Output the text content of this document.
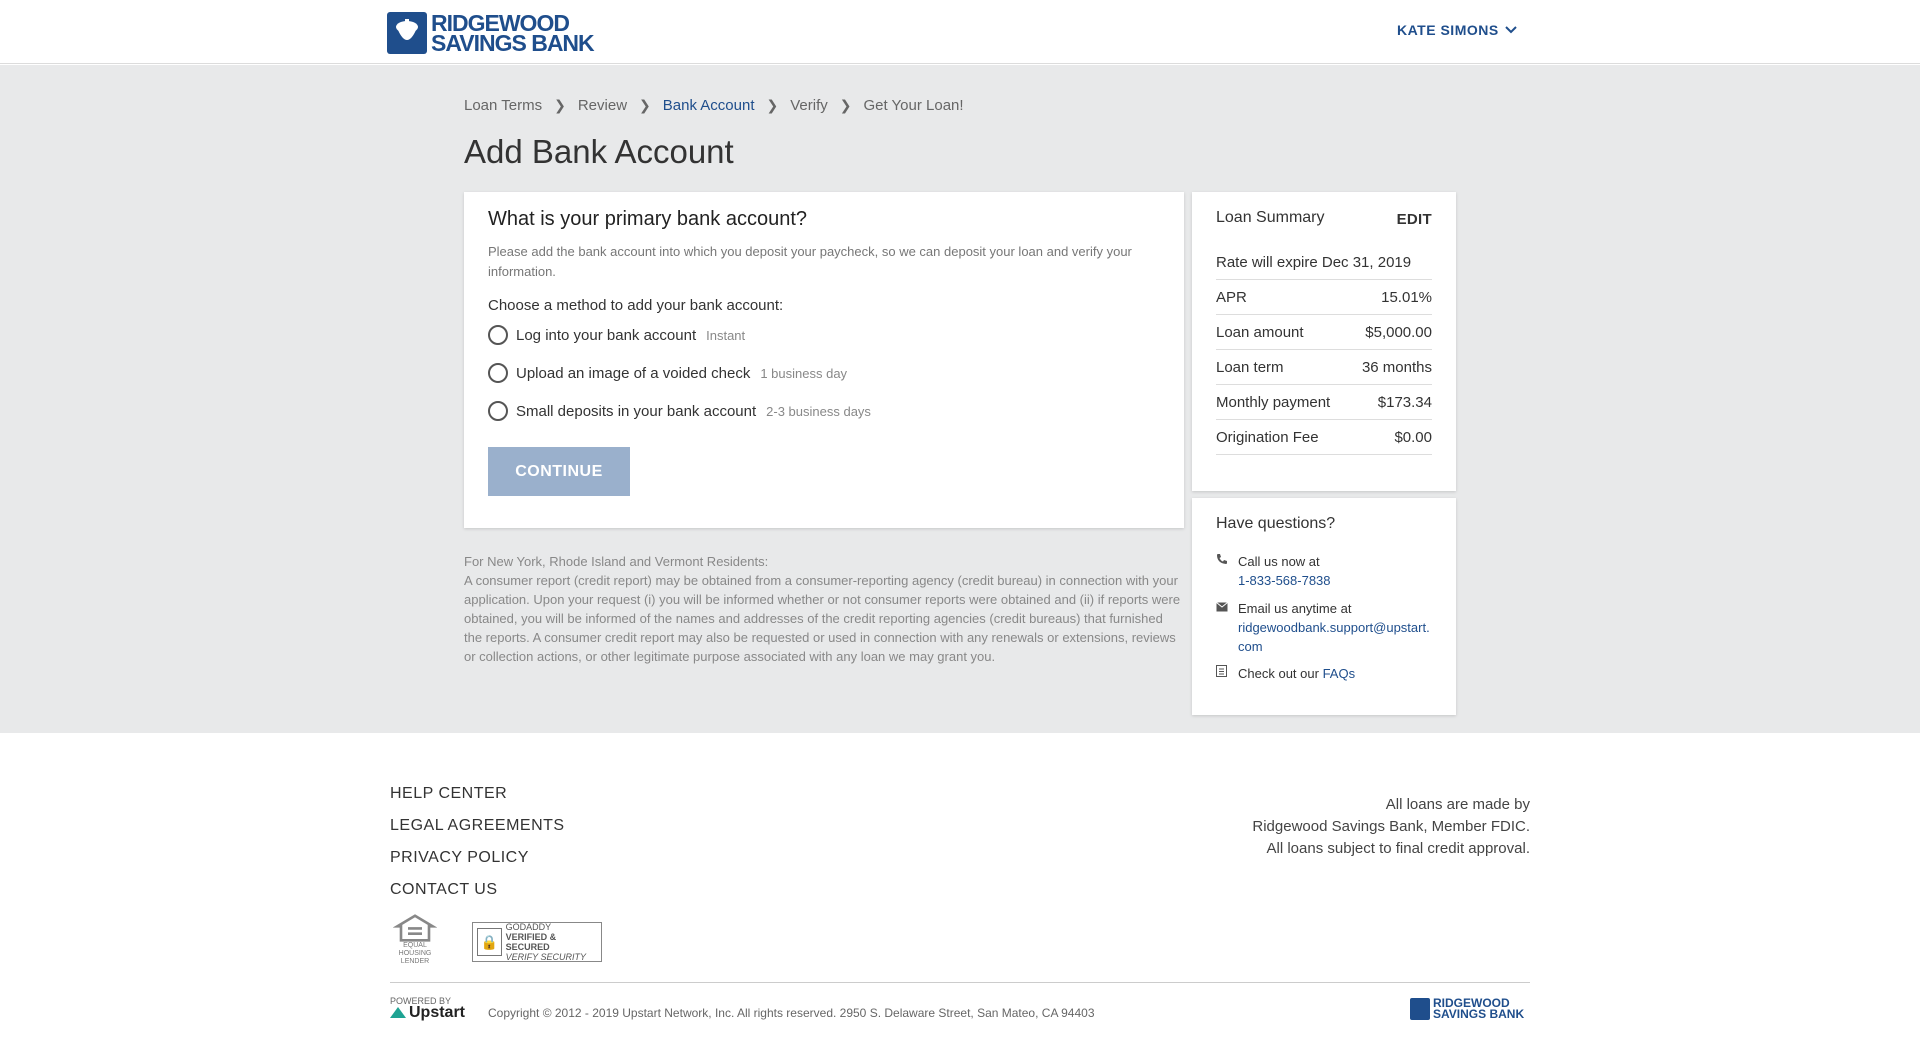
RIDGEWOOD
SAVINGS BANK	KATE SIMONS
Loan Terms ❯ Review ❯ Bank Account ❯ Verify ❯ Get Your Loan!
Add Bank Account
What is your primary bank account?

Please add the bank account into which you deposit your paycheck, so we can deposit your loan and verify your information.

Choose a method to add your bank account:

Log into your bank account Instant
Upload an image of a voided check 1 business day
Small deposits in your bank account 2-3 business days
CONTINUE
For New York, Rhode Island and Vermont Residents:
A consumer report (credit report) may be obtained from a consumer-reporting agency (credit bureau) in connection with your application. Upon your request (i) you will be informed whether or not consumer reports were obtained and (ii) if reports were obtained, you will be informed of the names and addresses of the credit reporting agencies (credit bureaus) that furnished the reports. A consumer credit report may also be requested or used in connection with any renewals or extensions, reviews or collection actions, or other legitimate purpose associated with any loan we may grant you.
Loan Summary	EDIT
Rate will expire Dec 31, 2019
APR	15.01%
Loan amount	$5,000.00
Loan term	36 months
Monthly payment	$173.34
Origination Fee	$0.00
Have questions?
Call us now at
1-833-568-7838
Email us anytime at
ridgewoodbank.support@upstart.com
Check out our FAQs
HELP CENTER
LEGAL AGREEMENTS
PRIVACY POLICY
CONTACT US
All loans are made by
Ridgewood Savings Bank, Member FDIC.
All loans subject to final credit approval.
EQUAL HOUSING
LENDER
🔒
GODADDY
VERIFIED & SECURED
VERIFY SECURITY
POWERED BY
Upstart Copyright © 2012 - 2019 Upstart Network, Inc. All rights reserved. 2950 S. Delaware Street, San Mateo, CA 94403
RIDGEWOOD
SAVINGS BANK
